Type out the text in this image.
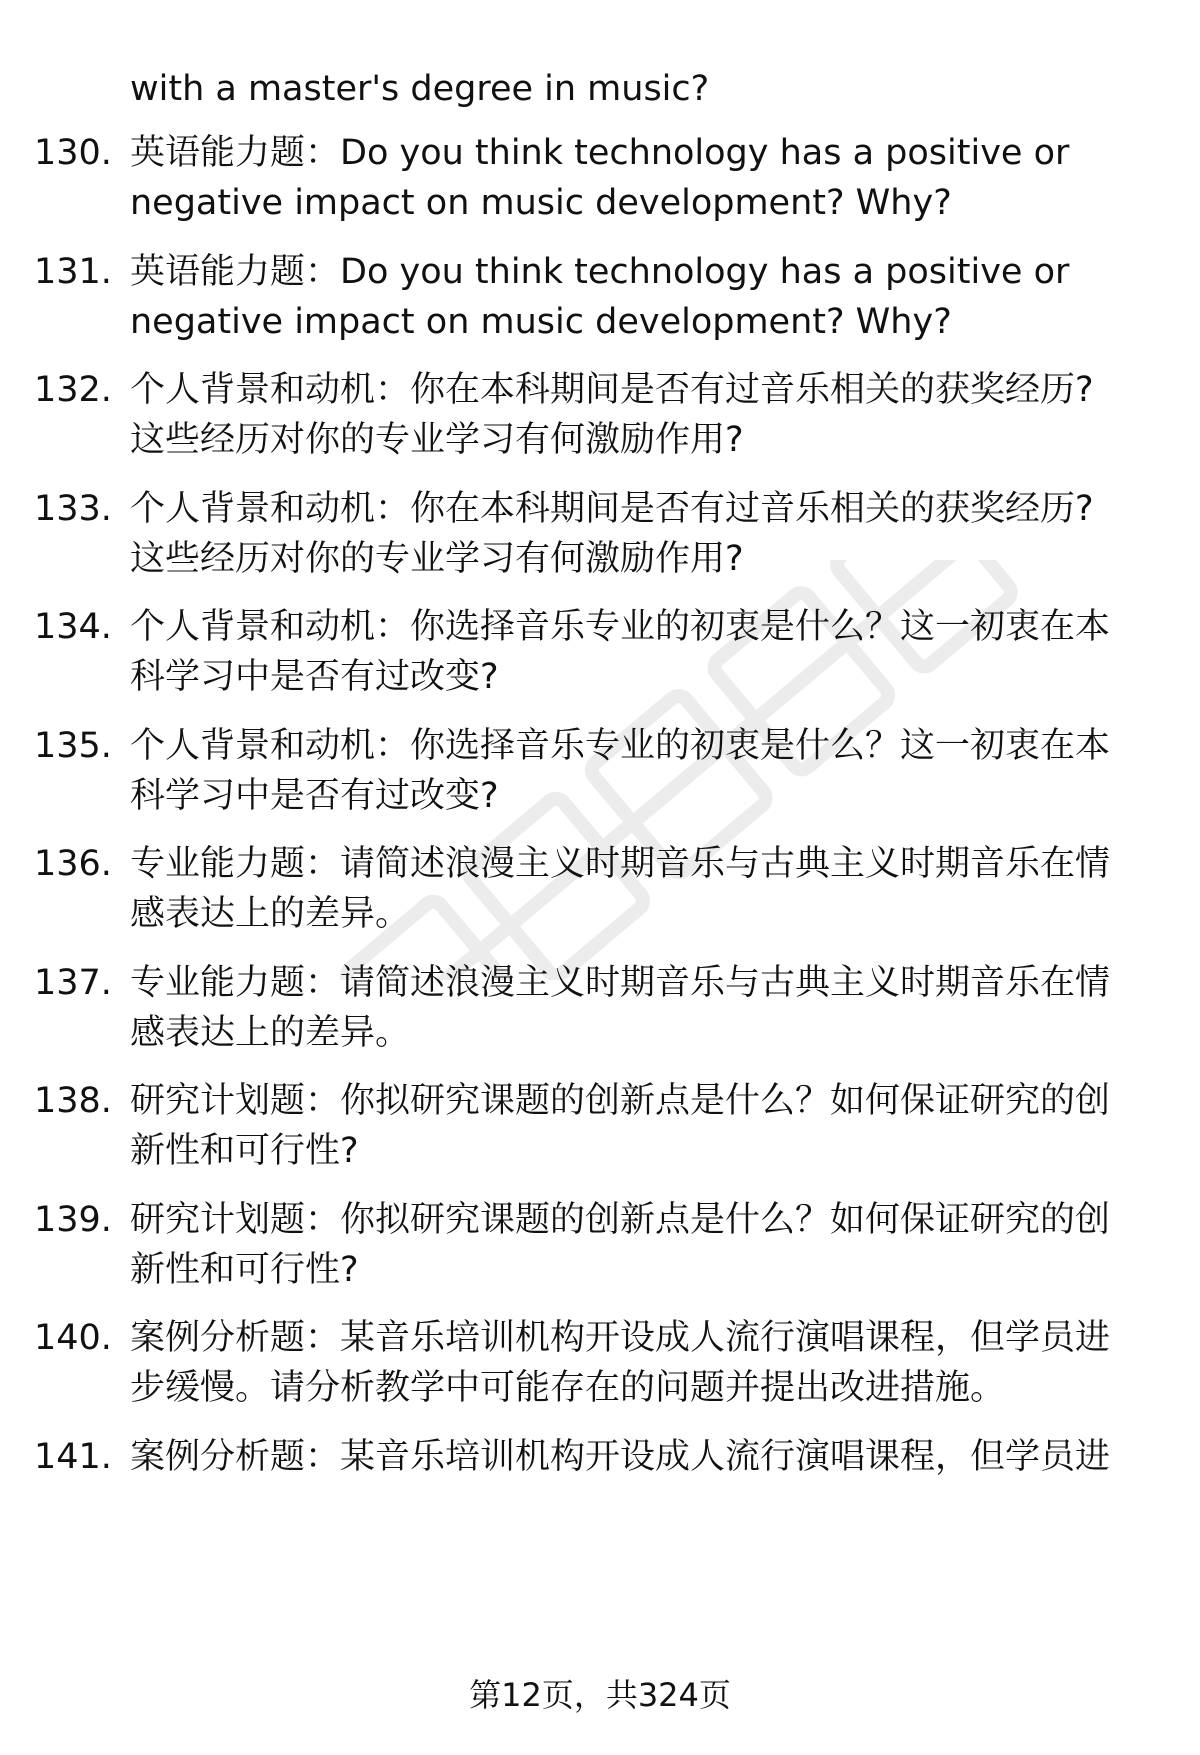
with a master's degree in music?
130. 英语能力题：Do you think technology has a positive or
negative impact on music development? Why?
131. 英语能力题：Do you think technology has a positive or
negative impact on music development? Why?
132. 个人背景和动机：你在本科期间是否有过音乐相关的获奖经历?
这些经历对你的专业学习有何激励作用?
133. 个人背景和动机：你在本科期间是否有过音乐相关的获奖经历?
这些经历对你的专业学习有何激励作用?
134. 个人背景和动机：你选择音乐专业的初衷是什么？这一初衷在本
科学习中是否有过改变?
135. 个人背景和动机：你选择音乐专业的初衷是什么？这一初衷在本
科学习中是否有过改变?
136. 专业能力题：请简述浪漫主义时期音乐与古典主义时期音乐在情
感表达上的差异。
137. 专业能力题：请简述浪漫主义时期音乐与古典主义时期音乐在情
感表达上的差异。
138. 研究计划题：你拟研究课题的创新点是什么？如何保证研究的创
新性和可行性?
139. 研究计划题：你拟研究课题的创新点是什么？如何保证研究的创
新性和可行性?
140. 案例分析题：某音乐培训机构开设成人流行演唱课程，但学员进
步缓慢。请分析教学中可能存在的问题并提出改进措施。
141. 案例分析题：某音乐培训机构开设成人流行演唱课程，但学员进
第12页，共324页
